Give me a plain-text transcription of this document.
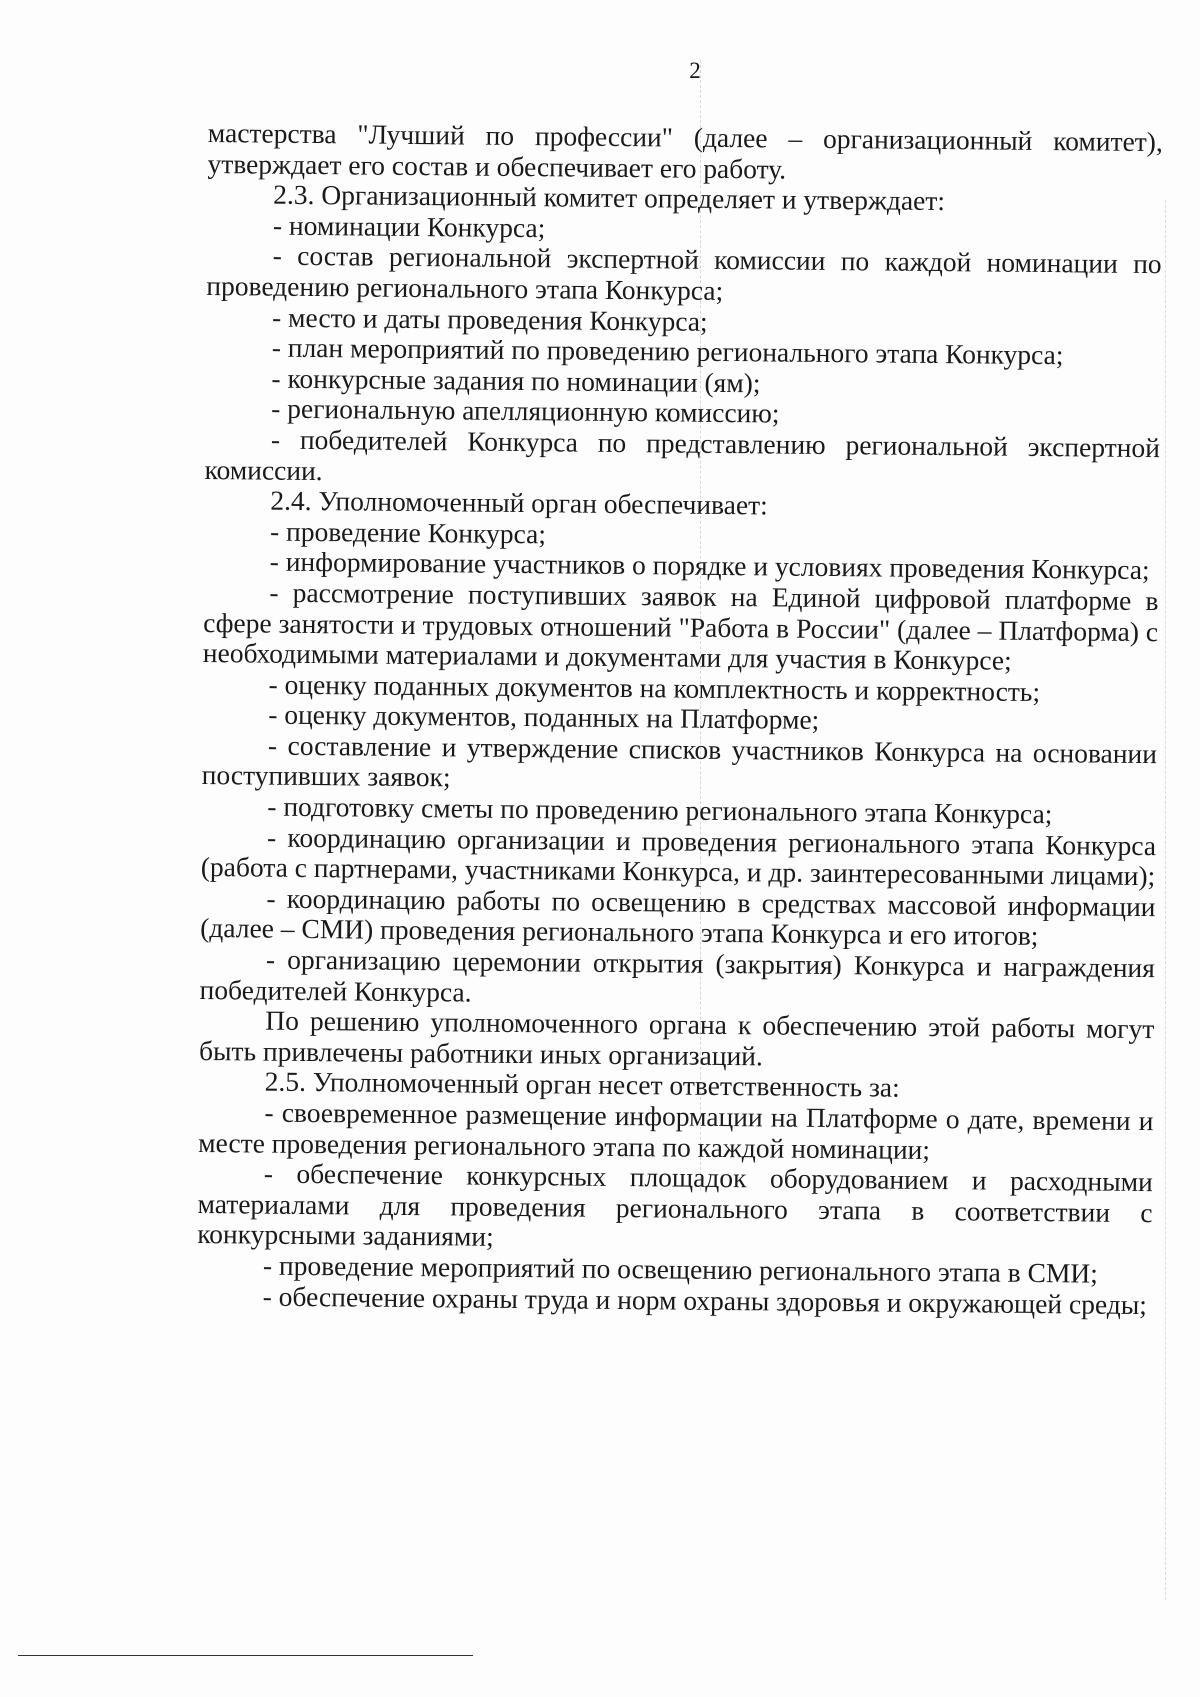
2

мастерства "Лучший по профессии" (далее – организационный комитет), утверждает его состав и обеспечивает его работу.

2.3. Организационный комитет определяет и утверждает:

- номинации Конкурса;

- состав региональной экспертной комиссии по каждой номинации по проведению регионального этапа Конкурса;

- место и даты проведения Конкурса;

- план мероприятий по проведению регионального этапа Конкурса;

- конкурсные задания по номинации (ям);

- региональную апелляционную комиссию;

- победителей Конкурса по представлению региональной экспертной комиссии.

2.4. Уполномоченный орган обеспечивает:

- проведение Конкурса;

- информирование участников о порядке и условиях проведения Конкурса;

- рассмотрение поступивших заявок на Единой цифровой платформе в сфере занятости и трудовых отношений "Работа в России" (далее – Платформа) с необходимыми материалами и документами для участия в Конкурсе;

- оценку поданных документов на комплектность и корректность;

- оценку документов, поданных на Платформе;

- составление и утверждение списков участников Конкурса на основании поступивших заявок;

- подготовку сметы по проведению регионального этапа Конкурса;

- координацию организации и проведения регионального этапа Конкурса (работа с партнерами, участниками Конкурса, и др. заинтересованными лицами);

- координацию работы по освещению в средствах массовой информации (далее – СМИ) проведения регионального этапа Конкурса и его итогов;

- организацию церемонии открытия (закрытия) Конкурса и награждения победителей Конкурса.

По решению уполномоченного органа к обеспечению этой работы могут быть привлечены работники иных организаций.

2.5. Уполномоченный орган несет ответственность за:

- своевременное размещение информации на Платформе о дате, времени и месте проведения регионального этапа по каждой номинации;

- обеспечение конкурсных площадок оборудованием и расходными материалами для проведения регионального этапа в соответствии с конкурсными заданиями;

- проведение мероприятий по освещению регионального этапа в СМИ;

- обеспечение охраны труда и норм охраны здоровья и окружающей среды;
